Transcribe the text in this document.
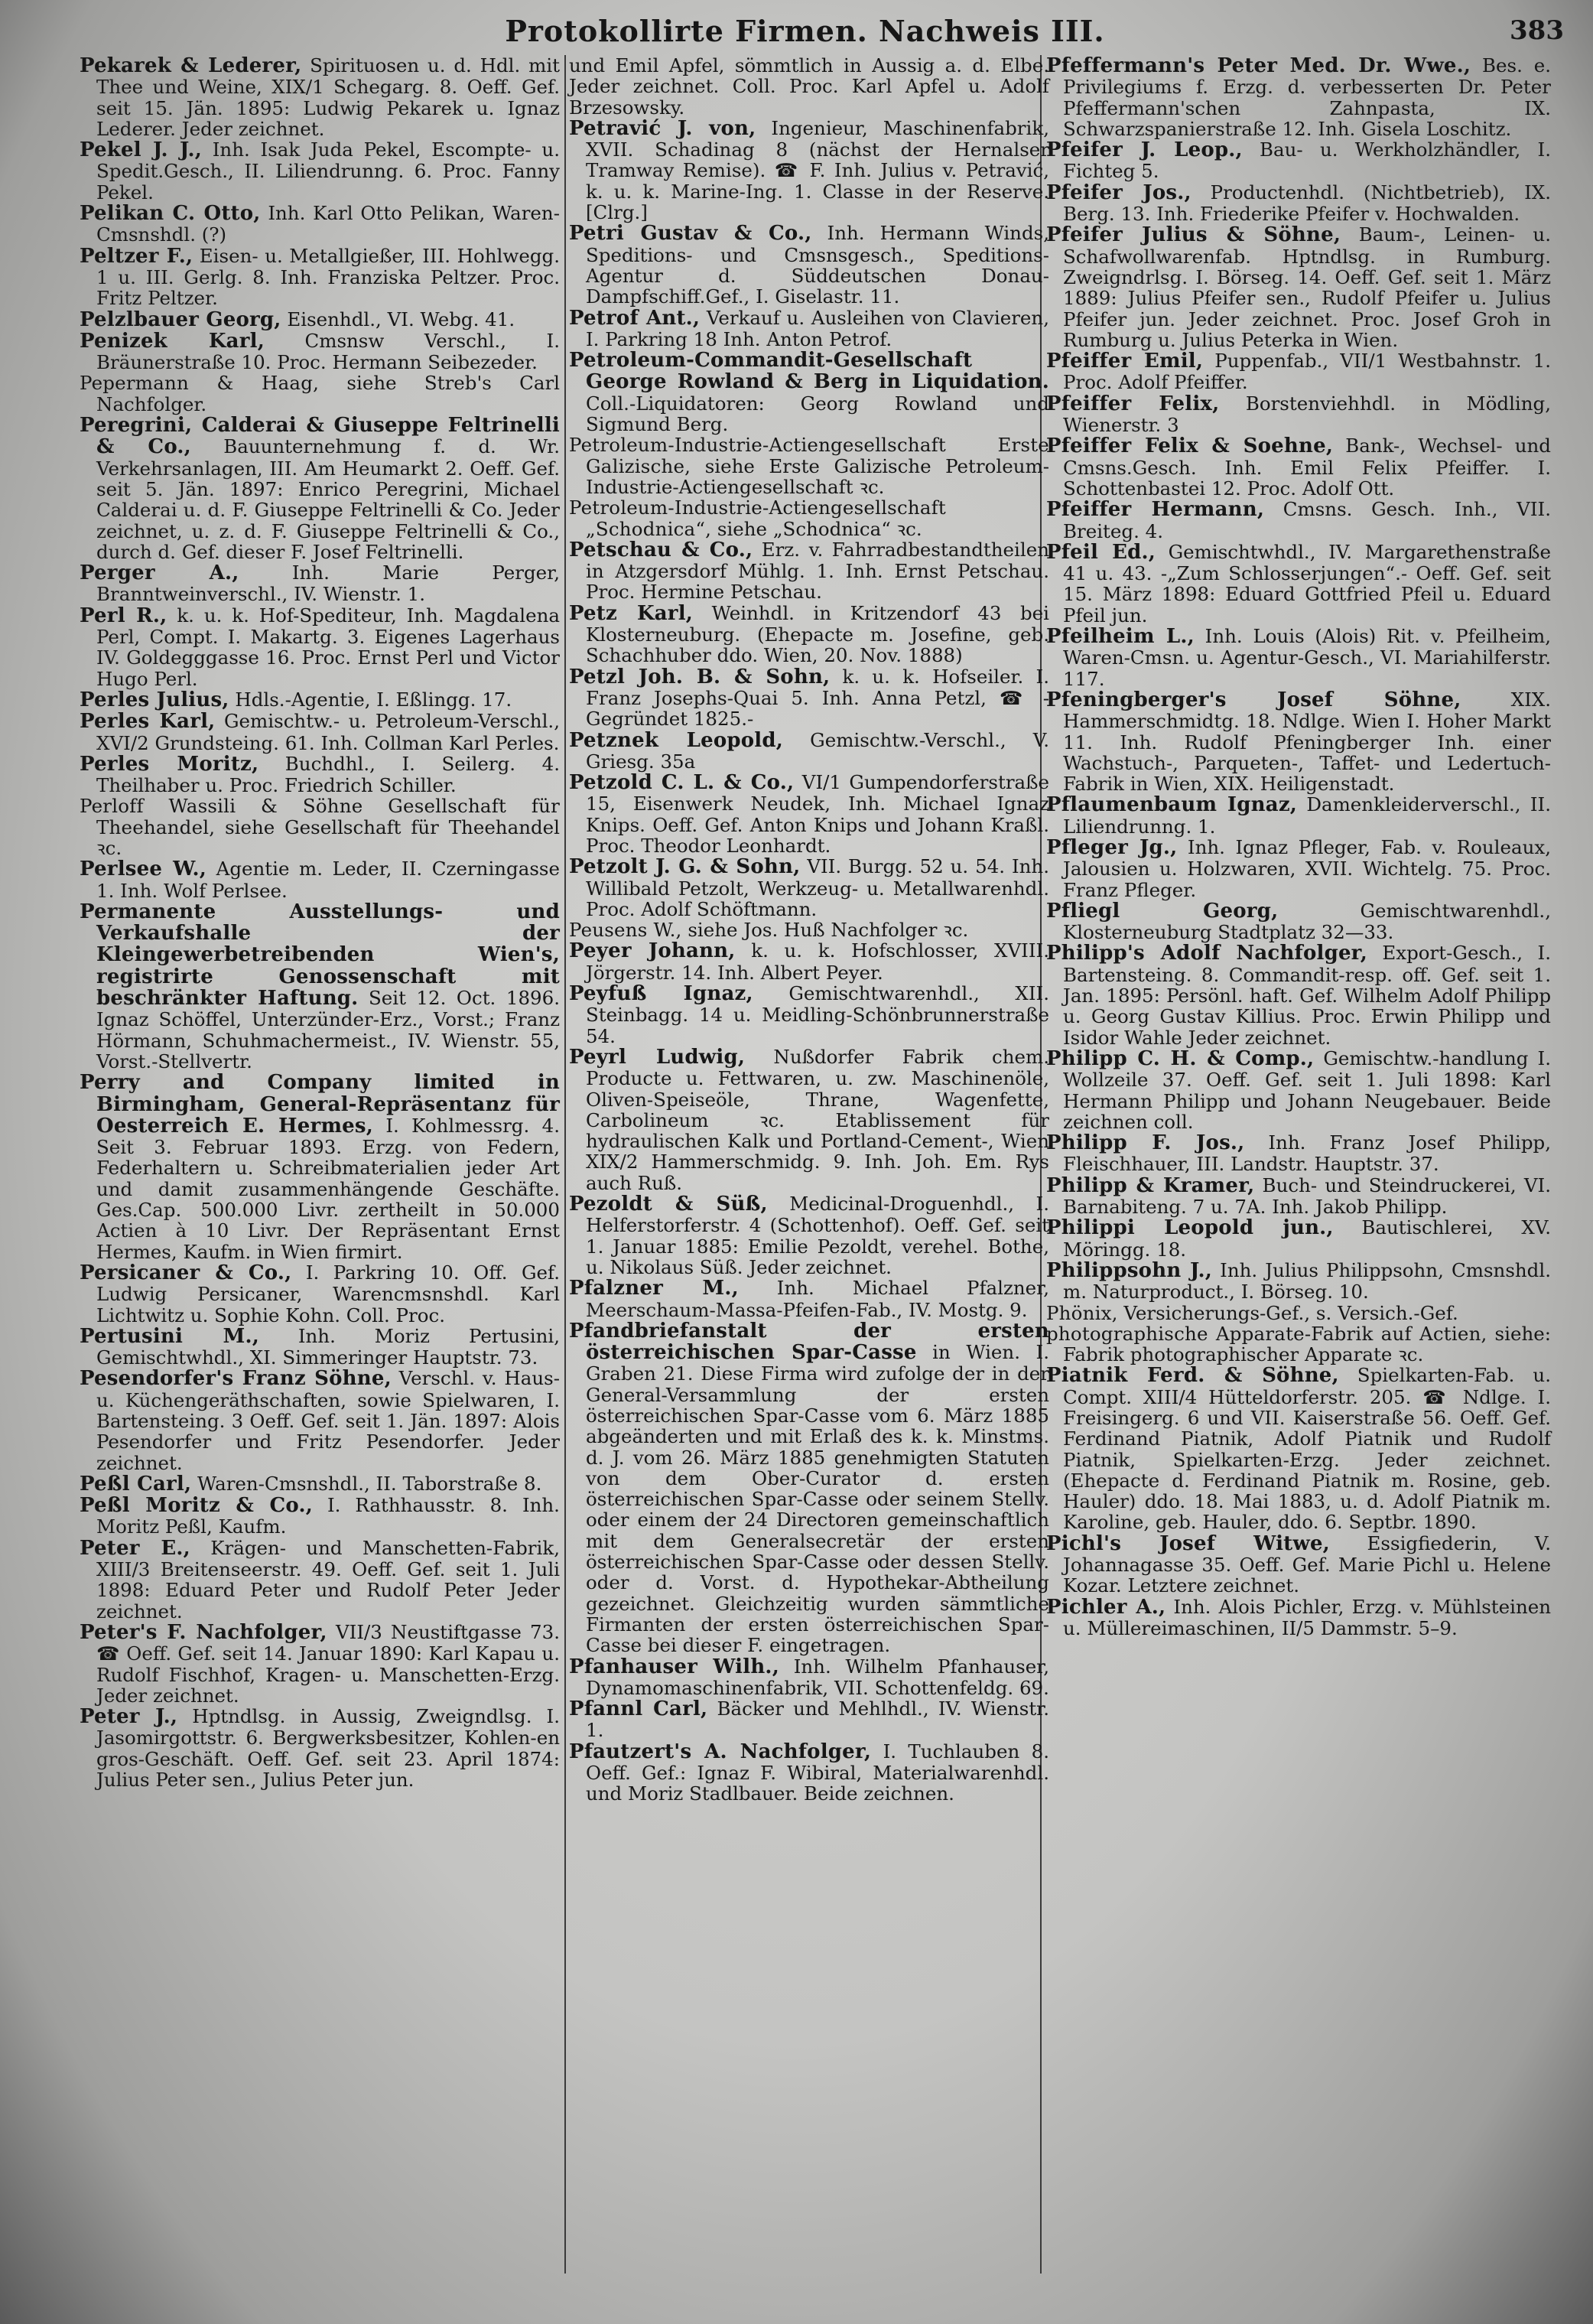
Protokollirte Firmen. Nachweis III.	383

Pekarek & Lederer, Spirituosen u. d. Hdl. mit Thee und Weine, XIX/1 Schegarg. 8. Oeff. Gef. seit 15. Jän. 1895: Ludwig Pekarek u. Ignaz Lederer. Jeder zeichnet.

Pekel J. J., Inh. Isak Juda Pekel, Escompte- u. Spedit.Gesch., II. Liliendrunng. 6. Proc. Fanny Pekel.

Pelikan C. Otto, Inh. Karl Otto Pelikan, Waren-Cmsnshdl. (?)

Peltzer F., Eisen- u. Metallgießer, III. Hohlwegg. 1 u. III. Gerlg. 8. Inh. Franziska Peltzer. Proc. Fritz Peltzer.

Pelzlbauer Georg, Eisenhdl., VI. Webg. 41.

Penizek Karl, Cmsnsw Verschl., I. Bräunerstraße 10. Proc. Hermann Seibezeder.

Pepermann & Haag, siehe Streb's Carl Nachfolger.

Peregrini, Calderai & Giuseppe Feltrinelli & Co., Bauunternehmung f. d. Wr. Verkehrsanlagen, III. Am Heumarkt 2. Oeff. Gef. seit 5. Jän. 1897: Enrico Peregrini, Michael Calderai u. d. F. Giuseppe Feltrinelli & Co. Jeder zeichnet, u. z. d. F. Giuseppe Feltrinelli & Co., durch d. Gef. dieser F. Josef Feltrinelli.

Perger A., Inh. Marie Perger, Branntweinverschl., IV. Wienstr. 1.

Perl R., k. u. k. Hof-Spediteur, Inh. Magdalena Perl, Compt. I. Makartg. 3. Eigenes Lagerhaus IV. Goldegggasse 16. Proc. Ernst Perl und Victor Hugo Perl.

Perles Julius, Hdls.-Agentie, I. Eßlingg. 17.

Perles Karl, Gemischtw.- u. Petroleum-Verschl., XVI/2 Grundsteing. 61. Inh. Collman Karl Perles.

Perles Moritz, Buchdhl., I. Seilerg. 4. Theilhaber u. Proc. Friedrich Schiller.

Perloff Wassili & Söhne Gesellschaft für Theehandel, siehe Gesellschaft für Theehandel ꝛc.

Perlsee W., Agentie m. Leder, II. Czerningasse 1. Inh. Wolf Perlsee.

Permanente Ausstellungs- und Verkaufshalle der Kleingewerbetreibenden Wien's, registrirte Genossenschaft mit beschränkter Haftung. Seit 12. Oct. 1896. Ignaz Schöffel, Unterzünder-Erz., Vorst.; Franz Hörmann, Schuhmachermeist., IV. Wienstr. 55, Vorst.-Stellvertr.

Perry and Company limited in Birmingham, General-Repräsentanz für Oesterreich E. Hermes, I. Kohlmessrg. 4. Seit 3. Februar 1893. Erzg. von Federn, Federhaltern u. Schreibmaterialien jeder Art und damit zusammenhängende Geschäfte. Ges.Cap. 500.000 Livr. zertheilt in 50.000 Actien à 10 Livr. Der Repräsentant Ernst Hermes, Kaufm. in Wien firmirt.

Persicaner & Co., I. Parkring 10. Off. Gef. Ludwig Persicaner, Warencmsnshdl. Karl Lichtwitz u. Sophie Kohn. Coll. Proc.

Pertusini M., Inh. Moriz Pertusini, Gemischtwhdl., XI. Simmeringer Hauptstr. 73.

Pesendorfer's Franz Söhne, Verschl. v. Haus- u. Küchengeräthschaften, sowie Spielwaren, I. Bartensteing. 3 Oeff. Gef. seit 1. Jän. 1897: Alois Pesendorfer und Fritz Pesendorfer. Jeder zeichnet.

Peßl Carl, Waren-Cmsnshdl., II. Taborstraße 8.

Peßl Moritz & Co., I. Rathhausstr. 8. Inh. Moritz Peßl, Kaufm.

Peter E., Krägen- und Manschetten-Fabrik, XIII/3 Breitenseerstr. 49. Oeff. Gef. seit 1. Juli 1898: Eduard Peter und Rudolf Peter Jeder zeichnet.

Peter's F. Nachfolger, VII/3 Neustiftgasse 73. ☎ Oeff. Gef. seit 14. Januar 1890: Karl Kapau u. Rudolf Fischhof, Kragen- u. Manschetten-Erzg. Jeder zeichnet.

Peter J., Hptndlsg. in Aussig, Zweigndlsg. I. Jasomirgottstr. 6. Bergwerksbesitzer, Kohlen-en gros-Geschäft. Oeff. Gef. seit 23. April 1874: Julius Peter sen., Julius Peter jun.

und Emil Apfel, sömmtlich in Aussig a. d. Elbe. Jeder zeichnet. Coll. Proc. Karl Apfel u. Adolf Brzesowsky.

Petravić J. von, Ingenieur, Maschinenfabrik, XVII. Schadinag 8 (nächst der Hernalser Tramway Remise). ☎ F. Inh. Julius v. Petravić, k. u. k. Marine-Ing. 1. Classe in der Reserve. [Clrg.]

Petri Gustav & Co., Inh. Hermann Winds, Speditions- und Cmsnsgesch., Speditions-Agentur d. Süddeutschen Donau-Dampfschiff.Gef., I. Giselastr. 11.

Petrof Ant., Verkauf u. Ausleihen von Clavieren, I. Parkring 18 Inh. Anton Petrof.

Petroleum-Commandit-Gesellschaft George Rowland & Berg in Liquidation. Coll.-Liquidatoren: Georg Rowland und Sigmund Berg.

Petroleum-Industrie-Actiengesellschaft Erste Galizische, siehe Erste Galizische Petroleum-Industrie-Actiengesellschaft ꝛc.

Petroleum-Industrie-Actiengesellschaft „Schodnica“, siehe „Schodnica“ ꝛc.

Petschau & Co., Erz. v. Fahrradbestandtheilen in Atzgersdorf Mühlg. 1. Inh. Ernst Petschau. Proc. Hermine Petschau.

Petz Karl, Weinhdl. in Kritzendorf 43 bei Klosterneuburg. (Ehepacte m. Josefine, geb. Schachhuber ddo. Wien, 20. Nov. 1888)

Petzl Joh. B. & Sohn, k. u. k. Hofseiler. I. Franz Josephs-Quai 5. Inh. Anna Petzl, ☎ -Gegründet 1825.-

Petznek Leopold, Gemischtw.-Verschl., V. Griesg. 35a

Petzold C. L. & Co., VI/1 Gumpendorferstraße 15, Eisenwerk Neudek, Inh. Michael Ignaz Knips. Oeff. Gef. Anton Knips und Johann Kraßl. Proc. Theodor Leonhardt.

Petzolt J. G. & Sohn, VII. Burgg. 52 u. 54. Inh. Willibald Petzolt, Werkzeug- u. Metallwarenhdl. Proc. Adolf Schöftmann.

Peusens W., siehe Jos. Huß Nachfolger ꝛc.

Peyer Johann, k. u. k. Hofschlosser, XVIII. Jörgerstr. 14. Inh. Albert Peyer.

Peyfuß Ignaz, Gemischtwarenhdl., XII. Steinbagg. 14 u. Meidling-Schönbrunnerstraße 54.

Peyrl Ludwig, Nußdorfer Fabrik chem. Producte u. Fettwaren, u. zw. Maschinenöle, Oliven-Speiseöle, Thrane, Wagenfette, Carbolineum ꝛc. Etablissement für hydraulischen Kalk und Portland-Cement-, Wien XIX/2 Hammerschmidg. 9. Inh. Joh. Em. Rys auch Ruß.

Pezoldt & Süß, Medicinal-Droguenhdl., I. Helferstorferstr. 4 (Schottenhof). Oeff. Gef. seit 1. Januar 1885: Emilie Pezoldt, verehel. Bothe, u. Nikolaus Süß. Jeder zeichnet.

Pfalzner M., Inh. Michael Pfalzner, Meerschaum-Massa-Pfeifen-Fab., IV. Mostg. 9.

Pfandbriefanstalt der ersten österreichischen Spar-Casse in Wien. I. Graben 21. Diese Firma wird zufolge der in der General-Versammlung der ersten österreichischen Spar-Casse vom 6. März 1885 abgeänderten und mit Erlaß des k. k. Minstms. d. J. vom 26. März 1885 genehmigten Statuten von dem Ober-Curator d. ersten österreichischen Spar-Casse oder seinem Stellv. oder einem der 24 Directoren gemeinschaftlich mit dem Generalsecretär der ersten österreichischen Spar-Casse oder dessen Stellv. oder d. Vorst. d. Hypothekar-Abtheilung gezeichnet. Gleichzeitig wurden sämmtliche Firmanten der ersten österreichischen Spar-Casse bei dieser F. eingetragen.

Pfanhauser Wilh., Inh. Wilhelm Pfanhauser, Dynamomaschinenfabrik, VII. Schottenfeldg. 69.

Pfannl Carl, Bäcker und Mehlhdl., IV. Wienstr. 1.

Pfautzert's A. Nachfolger, I. Tuchlauben 8. Oeff. Gef.: Ignaz F. Wibiral, Materialwarenhdl. und Moriz Stadlbauer. Beide zeichnen.

Pfeffermann's Peter Med. Dr. Wwe., Bes. e. Privilegiums f. Erzg. d. verbesserten Dr. Peter Pfeffermann'schen Zahnpasta, IX. Schwarzspanierstraße 12. Inh. Gisela Loschitz.

Pfeifer J. Leop., Bau- u. Werkholzhändler, I. Fichteg 5.

Pfeifer Jos., Productenhdl. (Nichtbetrieb), IX. Berg. 13. Inh. Friederike Pfeifer v. Hochwalden.

Pfeifer Julius & Söhne, Baum-, Leinen- u. Schafwollwarenfab. Hptndlsg. in Rumburg. Zweigndrlsg. I. Börseg. 14. Oeff. Gef. seit 1. März 1889: Julius Pfeifer sen., Rudolf Pfeifer u. Julius Pfeifer jun. Jeder zeichnet. Proc. Josef Groh in Rumburg u. Julius Peterka in Wien.

Pfeiffer Emil, Puppenfab., VII/1 Westbahnstr. 1. Proc. Adolf Pfeiffer.

Pfeiffer Felix, Borstenviehhdl. in Mödling, Wienerstr. 3

Pfeiffer Felix & Soehne, Bank-, Wechsel- und Cmsns.Gesch. Inh. Emil Felix Pfeiffer. I. Schottenbastei 12. Proc. Adolf Ott.

Pfeiffer Hermann, Cmsns. Gesch. Inh., VII. Breiteg. 4.

Pfeil Ed., Gemischtwhdl., IV. Margarethenstraße 41 u. 43. -„Zum Schlosserjungen“.- Oeff. Gef. seit 15. März 1898: Eduard Gottfried Pfeil u. Eduard Pfeil jun.

Pfeilheim L., Inh. Louis (Alois) Rit. v. Pfeilheim, Waren-Cmsn. u. Agentur-Gesch., VI. Mariahilferstr. 117.

Pfeningberger's Josef Söhne, XIX. Hammerschmidtg. 18. Ndlge. Wien I. Hoher Markt 11. Inh. Rudolf Pfeningberger Inh. einer Wachstuch-, Parqueten-, Taffet- und Ledertuch-Fabrik in Wien, XIX. Heiligenstadt.

Pflaumenbaum Ignaz, Damenkleiderverschl., II. Liliendrunng. 1.

Pfleger Jg., Inh. Ignaz Pfleger, Fab. v. Rouleaux, Jalousien u. Holzwaren, XVII. Wichtelg. 75. Proc. Franz Pfleger.

Pfliegl Georg, Gemischtwarenhdl., Klosterneuburg Stadtplatz 32—33.

Philipp's Adolf Nachfolger, Export-Gesch., I. Bartensteing. 8. Commandit-resp. off. Gef. seit 1. Jan. 1895: Persönl. haft. Gef. Wilhelm Adolf Philipp u. Georg Gustav Killius. Proc. Erwin Philipp und Isidor Wahle Jeder zeichnet.

Philipp C. H. & Comp., Gemischtw.-handlung I. Wollzeile 37. Oeff. Gef. seit 1. Juli 1898: Karl Hermann Philipp und Johann Neugebauer. Beide zeichnen coll.

Philipp F. Jos., Inh. Franz Josef Philipp, Fleischhauer, III. Landstr. Hauptstr. 37.

Philipp & Kramer, Buch- und Steindruckerei, VI. Barnabiteng. 7 u. 7A. Inh. Jakob Philipp.

Philippi Leopold jun., Bautischlerei, XV. Möringg. 18.

Philippsohn J., Inh. Julius Philippsohn, Cmsnshdl. m. Naturproduct., I. Börseg. 10.

Phönix, Versicherungs-Gef., s. Versich.-Gef.

photographische Apparate-Fabrik auf Actien, siehe: Fabrik photographischer Apparate ꝛc.

Piatnik Ferd. & Söhne, Spielkarten-Fab. u. Compt. XIII/4 Hütteldorferstr. 205. ☎ Ndlge. I. Freisingerg. 6 und VII. Kaiserstraße 56. Oeff. Gef. Ferdinand Piatnik, Adolf Piatnik und Rudolf Piatnik, Spielkarten-Erzg. Jeder zeichnet. (Ehepacte d. Ferdinand Piatnik m. Rosine, geb. Hauler) ddo. 18. Mai 1883, u. d. Adolf Piatnik m. Karoline, geb. Hauler, ddo. 6. Septbr. 1890.

Pichl's Josef Witwe, Essigfiederin, V. Johannagasse 35. Oeff. Gef. Marie Pichl u. Helene Kozar. Letztere zeichnet.

Pichler A., Inh. Alois Pichler, Erzg. v. Mühlsteinen u. Müllereimaschinen, II/5 Dammstr. 5–9.
